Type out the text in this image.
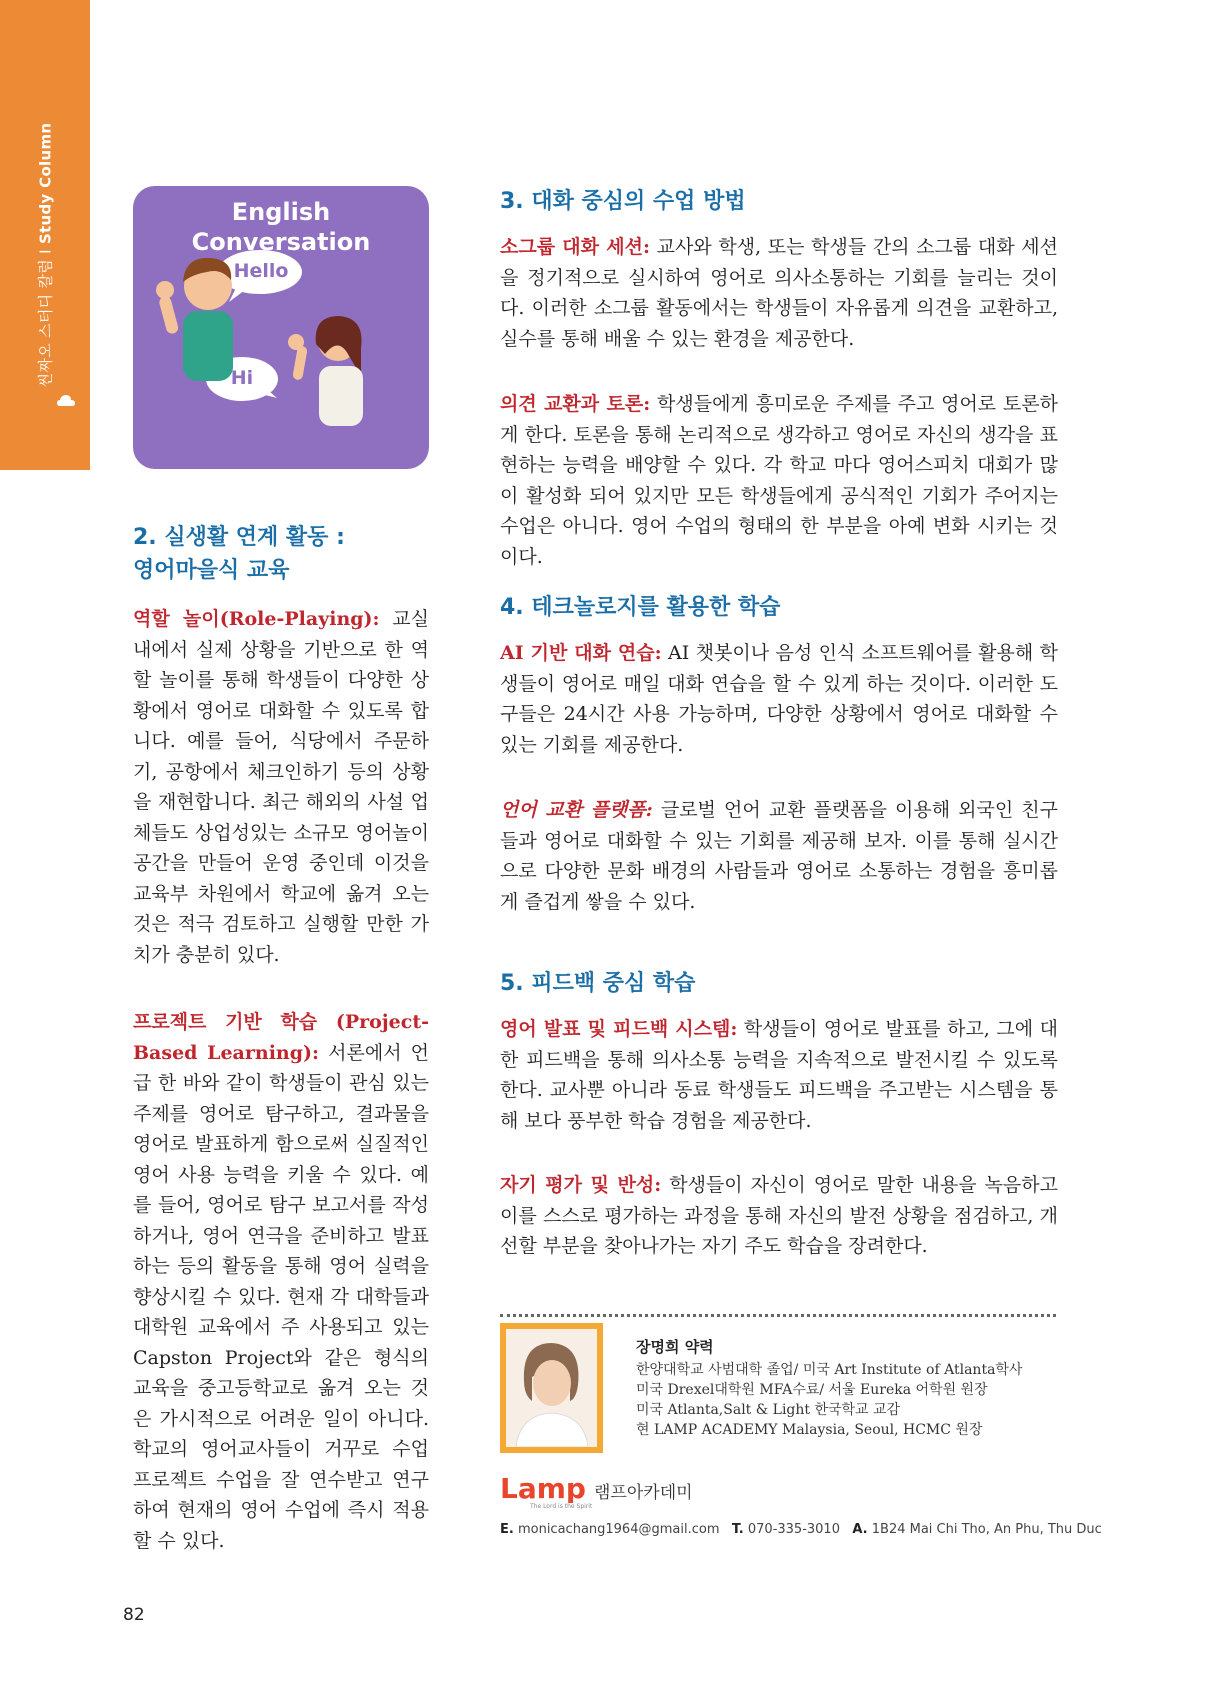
씬짜오 스터디 칼럼 I Study Column	English
Conversation
Hello
Hi
2. 실생활 연계 활동 :
영어마을식 교육

역할 놀이(Role-Playing): 교실 내에서 실제 상황을 기반으로 한 역할 놀이를 통해 학생들이 다양한 상황에서 영어로 대화할 수 있도록 합니다. 예를 들어, 식당에서 주문하기, 공항에서 체크인하기 등의 상황을 재현합니다. 최근 해외의 사설 업체들도 상업성있는 소규모 영어놀이공간을 만들어 운영 중인데 이것을 교육부 차원에서 학교에 옮겨 오는 것은 적극 검토하고 실행할 만한 가치가 충분히 있다.

프로젝트 기반 학습 (Project-Based Learning): 서론에서 언급 한 바와 같이 학생들이 관심 있는 주제를 영어로 탐구하고, 결과물을 영어로 발표하게 함으로써 실질적인 영어 사용 능력을 키울 수 있다. 예를 들어, 영어로 탐구 보고서를 작성하거나, 영어 연극을 준비하고 발표하는 등의 활동을 통해 영어 실력을 향상시킬 수 있다. 현재 각 대학들과 대학원 교육에서 주 사용되고 있는 Capston Project와 같은 형식의 교육을 중고등학교로 옮겨 오는 것은 가시적으로 어려운 일이 아니다. 학교의 영어교사들이 거꾸로 수업 프로젝트 수업을 잘 연수받고 연구하여 현재의 영어 수업에 즉시 적용할 수 있다.

3. 대화 중심의 수업 방법

소그룹 대화 세션: 교사와 학생, 또는 학생들 간의 소그룹 대화 세션을 정기적으로 실시하여 영어로 의사소통하는 기회를 늘리는 것이다. 이러한 소그룹 활동에서는 학생들이 자유롭게 의견을 교환하고, 실수를 통해 배울 수 있는 환경을 제공한다.

의견 교환과 토론: 학생들에게 흥미로운 주제를 주고 영어로 토론하게 한다. 토론을 통해 논리적으로 생각하고 영어로 자신의 생각을 표현하는 능력을 배양할 수 있다. 각 학교 마다 영어스피치 대회가 많이 활성화 되어 있지만 모든 학생들에게 공식적인 기회가 주어지는 수업은 아니다. 영어 수업의 형태의 한 부분을 아예 변화 시키는 것이다.

4. 테크놀로지를 활용한 학습

AI 기반 대화 연습: AI 챗봇이나 음성 인식 소프트웨어를 활용해 학생들이 영어로 매일 대화 연습을 할 수 있게 하는 것이다. 이러한 도구들은 24시간 사용 가능하며, 다양한 상황에서 영어로 대화할 수 있는 기회를 제공한다.

언어 교환 플랫폼: 글로벌 언어 교환 플랫폼을 이용해 외국인 친구들과 영어로 대화할 수 있는 기회를 제공해 보자. 이를 통해 실시간으로 다양한 문화 배경의 사람들과 영어로 소통하는 경험을 흥미롭게 즐겁게 쌓을 수 있다.

5. 피드백 중심 학습

영어 발표 및 피드백 시스템: 학생들이 영어로 발표를 하고, 그에 대한 피드백을 통해 의사소통 능력을 지속적으로 발전시킬 수 있도록 한다. 교사뿐 아니라 동료 학생들도 피드백을 주고받는 시스템을 통해 보다 풍부한 학습 경험을 제공한다.

자기 평가 및 반성: 학생들이 자신이 영어로 말한 내용을 녹음하고 이를 스스로 평가하는 과정을 통해 자신의 발전 상황을 점검하고, 개선할 부분을 찾아나가는 자기 주도 학습을 장려한다.

장명희 약력
한양대학교 사범대학 졸업/ 미국 Art Institute of Atlanta학사
미국 Drexel대학원 MFA수료/ 서울 Eureka 어학원 원장
미국 Atlanta,Salt & Light 한국학교 교감
현 LAMP ACADEMY Malaysia, Seoul, HCMC 원장
Lamp
The Lord is the Spirit
램프아카데미
E. monicachang1964@gmail.com T. 070-335-3010 A. 1B24 Mai Chi Tho, An Phu, Thu Duc
82
